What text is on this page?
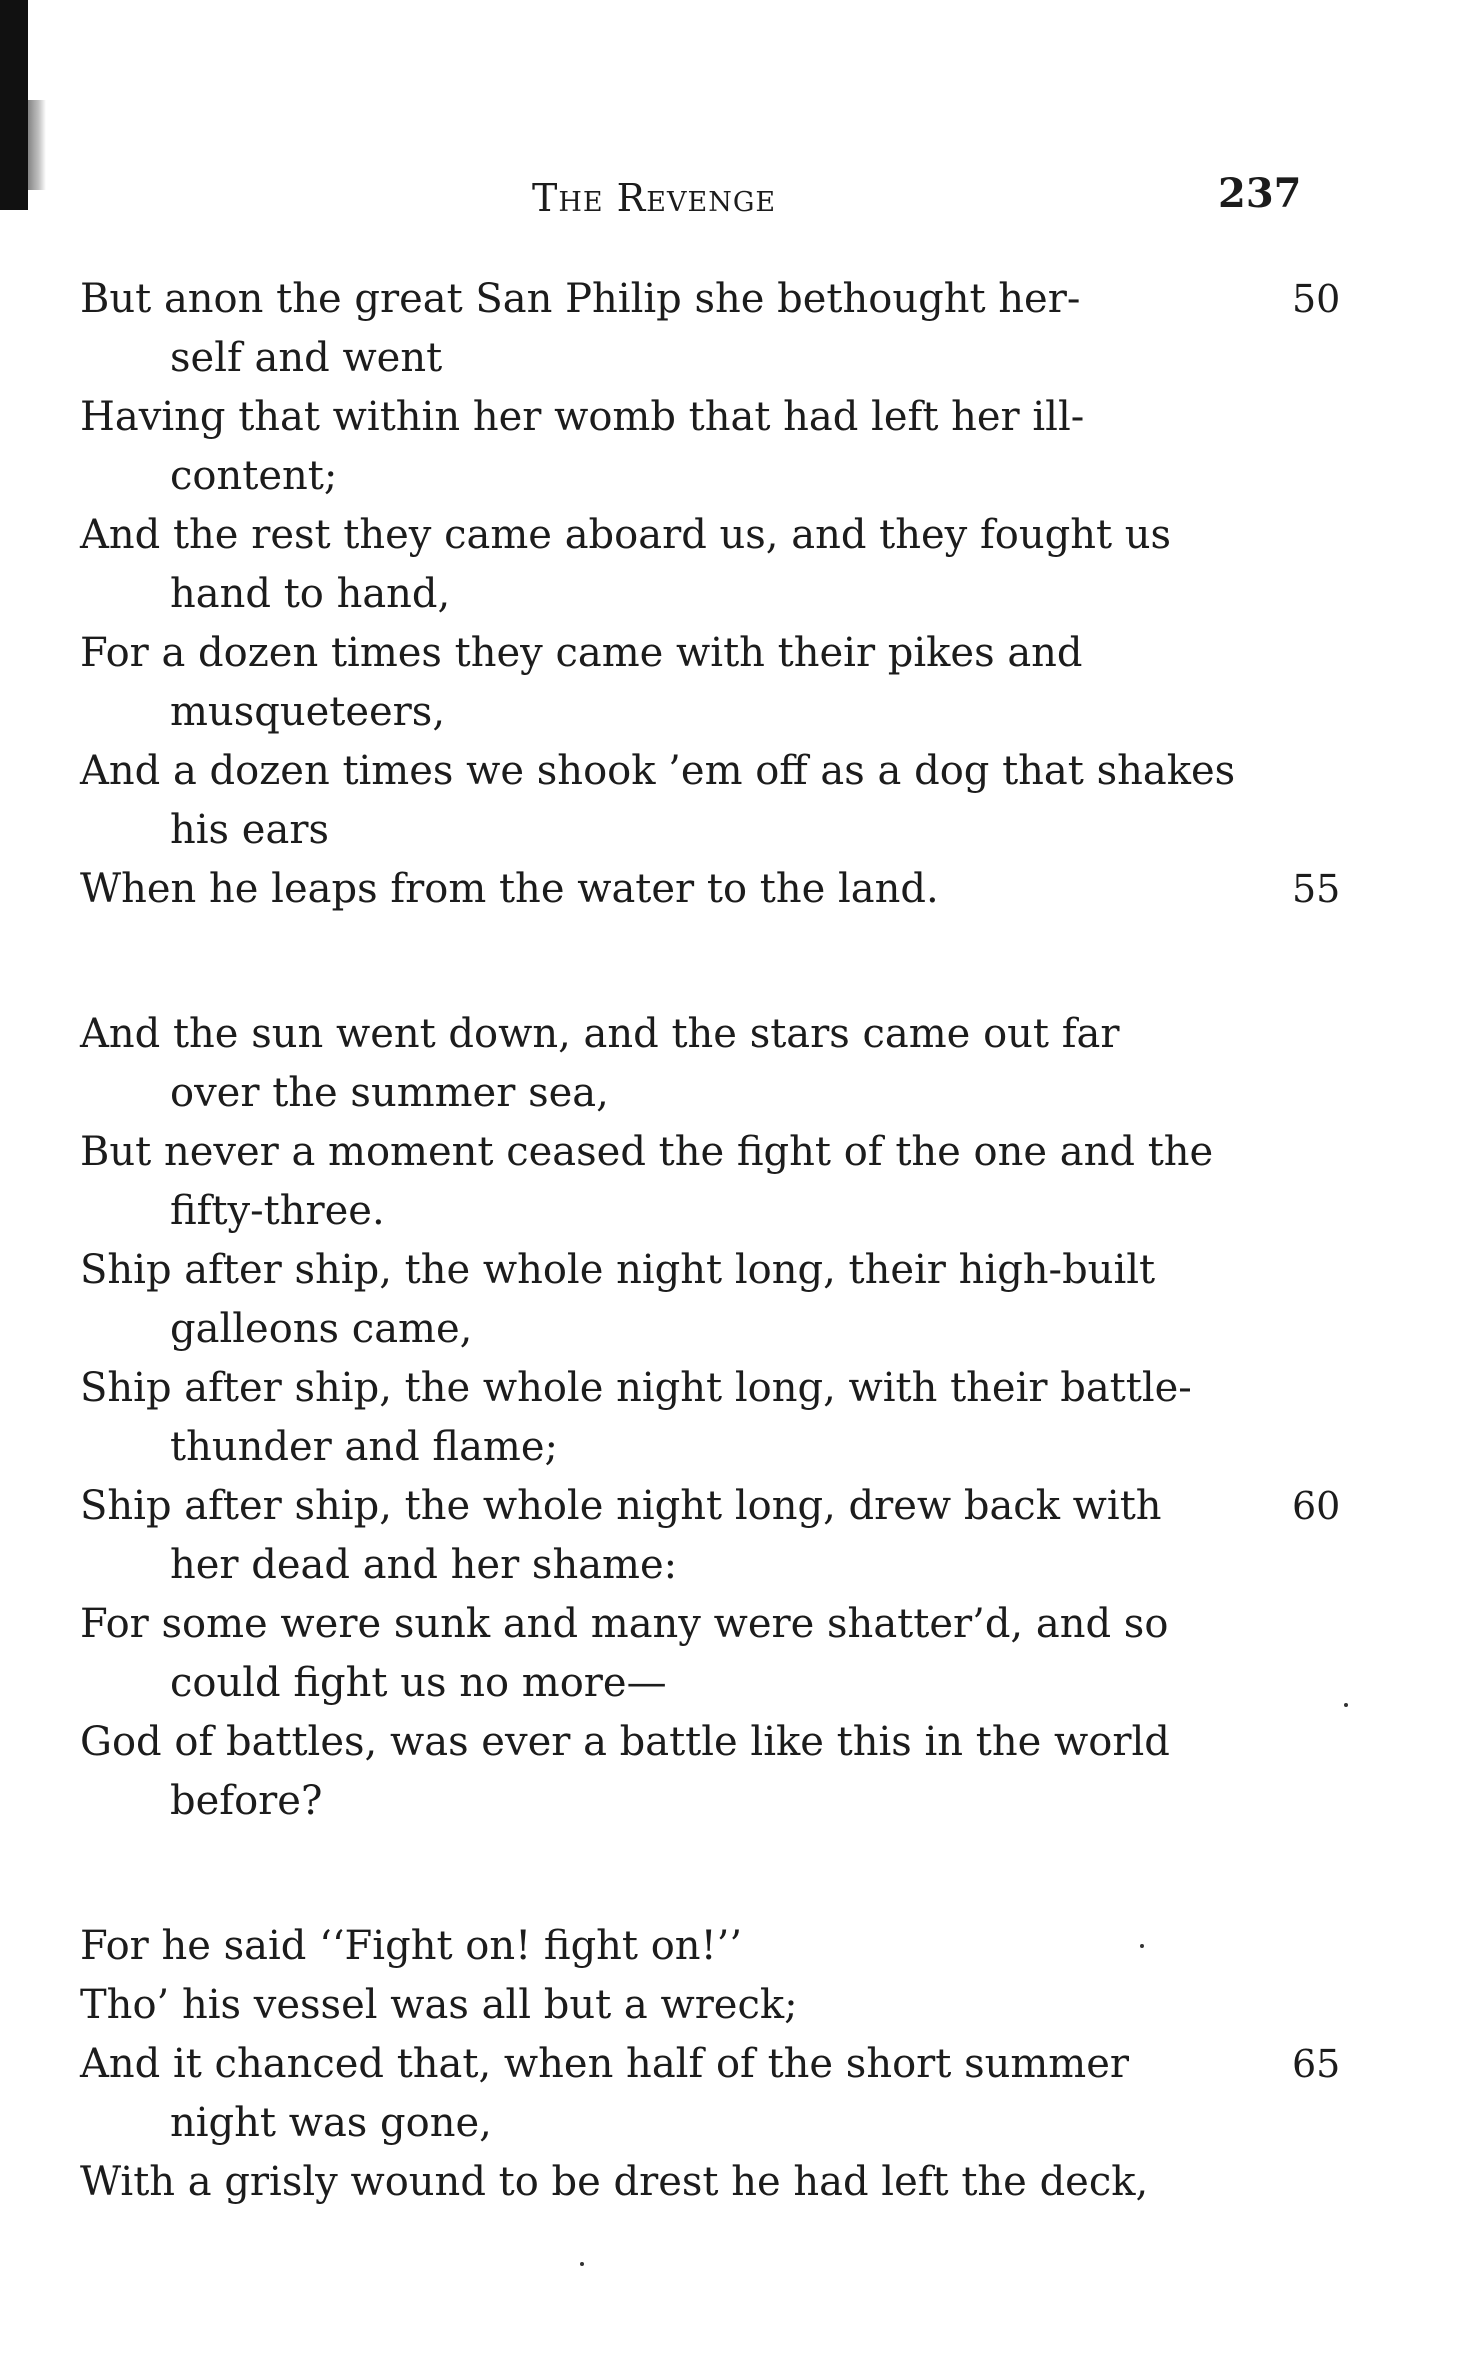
The Revenge	237
But anon the great San Philip she bethought her-	50
self and went
Having that within her womb that had left her ill-
content;
And the rest they came aboard us, and they fought us
hand to hand,
For a dozen times they came with their pikes and
musqueteers,
And a dozen times we shook ’em off as a dog that shakes
his ears
When he leaps from the water to the land.	55
And the sun went down, and the stars came out far
over the summer sea,
But never a moment ceased the fight of the one and the
fifty-three.
Ship after ship, the whole night long, their high-built
galleons came,
Ship after ship, the whole night long, with their battle-
thunder and flame;
Ship after ship, the whole night long, drew back with	60
her dead and her shame:
For some were sunk and many were shatter’d, and so
could fight us no more—
God of battles, was ever a battle like this in the world
before?
For he said ‘‘Fight on! fight on!’’
Tho’ his vessel was all but a wreck;
And it chanced that, when half of the short summer	65
night was gone,
With a grisly wound to be drest he had left the deck,
